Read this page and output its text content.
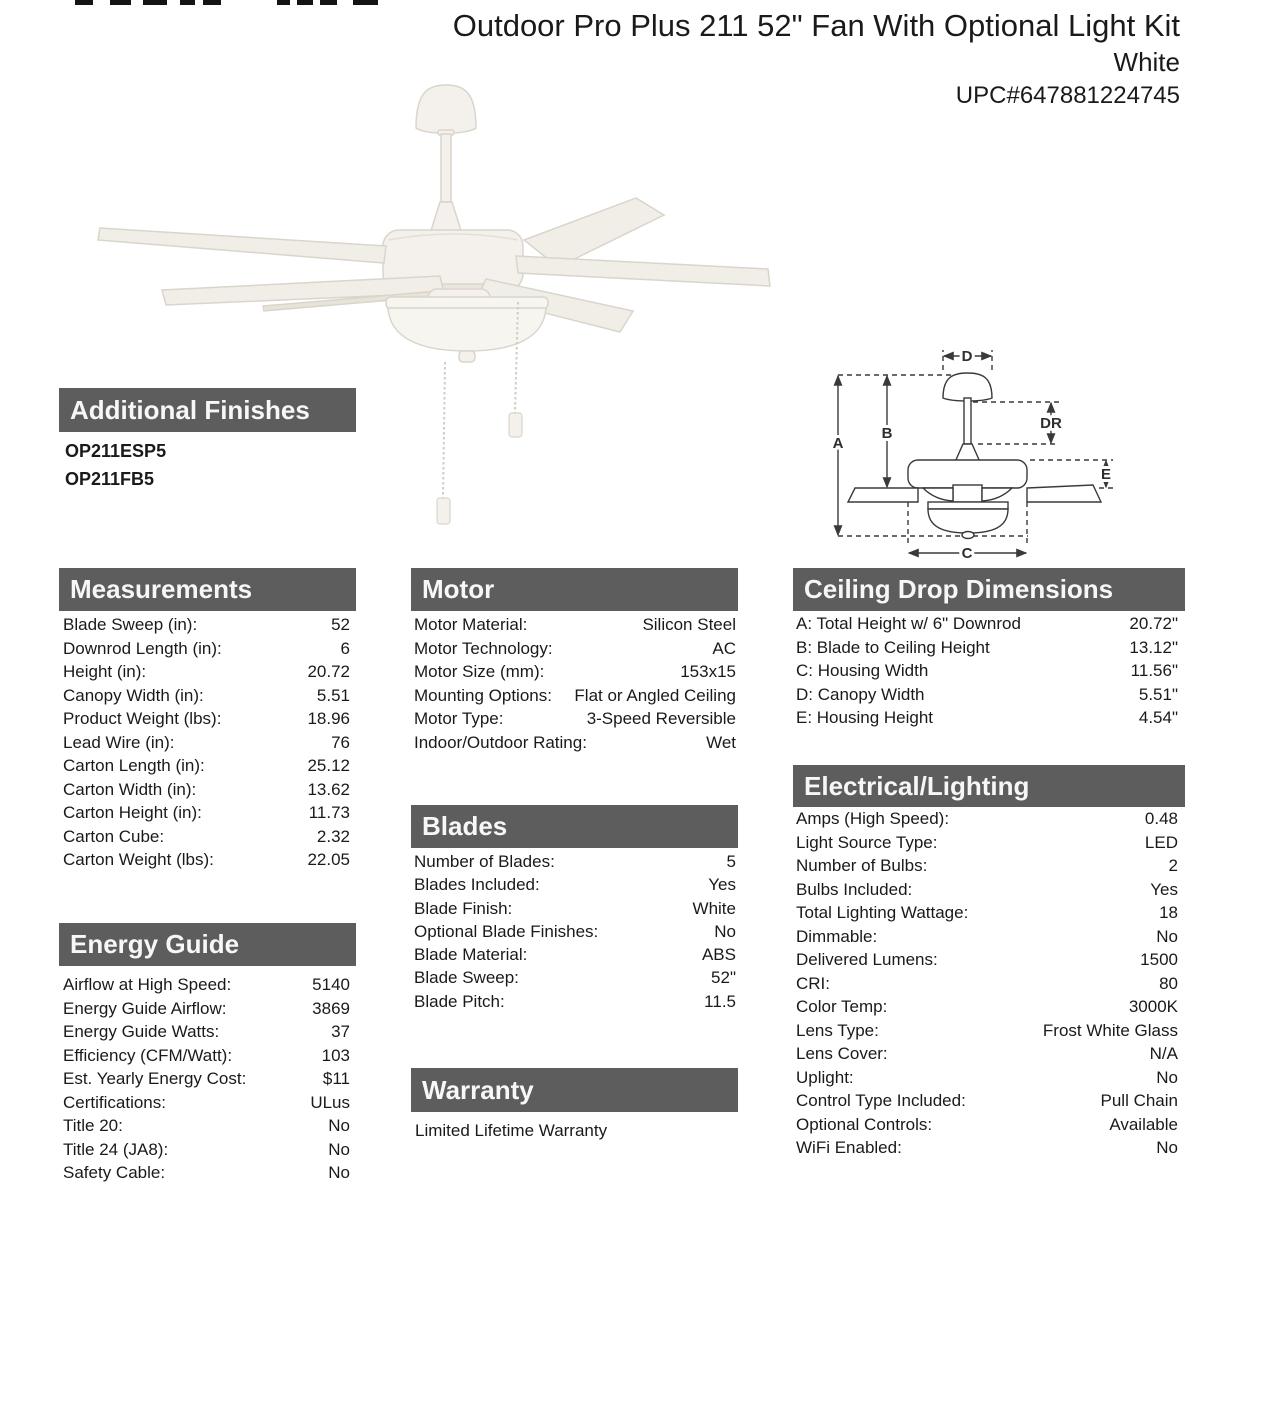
Outdoor Pro Plus 211 52" Fan With Optional Light Kit
White
UPC#647881224745
A
B
D
DR
E
C
Additional Finishes
OP211ESP5
OP211FB5
Measurements
Blade Sweep (in):	52
Downrod Length (in):	6
Height (in):	20.72
Canopy Width (in):	5.51
Product Weight (lbs):	18.96
Lead Wire (in):	76
Carton Length (in):	25.12
Carton Width (in):	13.62
Carton Height (in):	11.73
Carton Cube:	2.32
Carton Weight (lbs):	22.05
Energy Guide
Airflow at High Speed:	5140
Energy Guide Airflow:	3869
Energy Guide Watts:	37
Efficiency (CFM/Watt):	103
Est. Yearly Energy Cost:	$11
Certifications:	ULus
Title 20:	No
Title 24 (JA8):	No
Safety Cable:	No
Motor
Motor Material:	Silicon Steel
Motor Technology:	AC
Motor Size (mm):	153x15
Mounting Options:	Flat or Angled Ceiling
Motor Type:	3-Speed Reversible
Indoor/Outdoor Rating:	Wet
Blades
Number of Blades:	5
Blades Included:	Yes
Blade Finish:	White
Optional Blade Finishes:	No
Blade Material:	ABS
Blade Sweep:	52"
Blade Pitch:	11.5
Warranty
Limited Lifetime Warranty
Ceiling Drop Dimensions
A: Total Height w/ 6" Downrod	20.72"
B: Blade to Ceiling Height	13.12"
C: Housing Width	11.56"
D: Canopy Width	5.51"
E: Housing Height	4.54"
Electrical/Lighting
Amps (High Speed):	0.48
Light Source Type:	LED
Number of Bulbs:	2
Bulbs Included:	Yes
Total Lighting Wattage:	18
Dimmable:	No
Delivered Lumens:	1500
CRI:	80
Color Temp:	3000K
Lens Type:	Frost White Glass
Lens Cover:	N/A
Uplight:	No
Control Type Included:	Pull Chain
Optional Controls:	Available
WiFi Enabled:	No
